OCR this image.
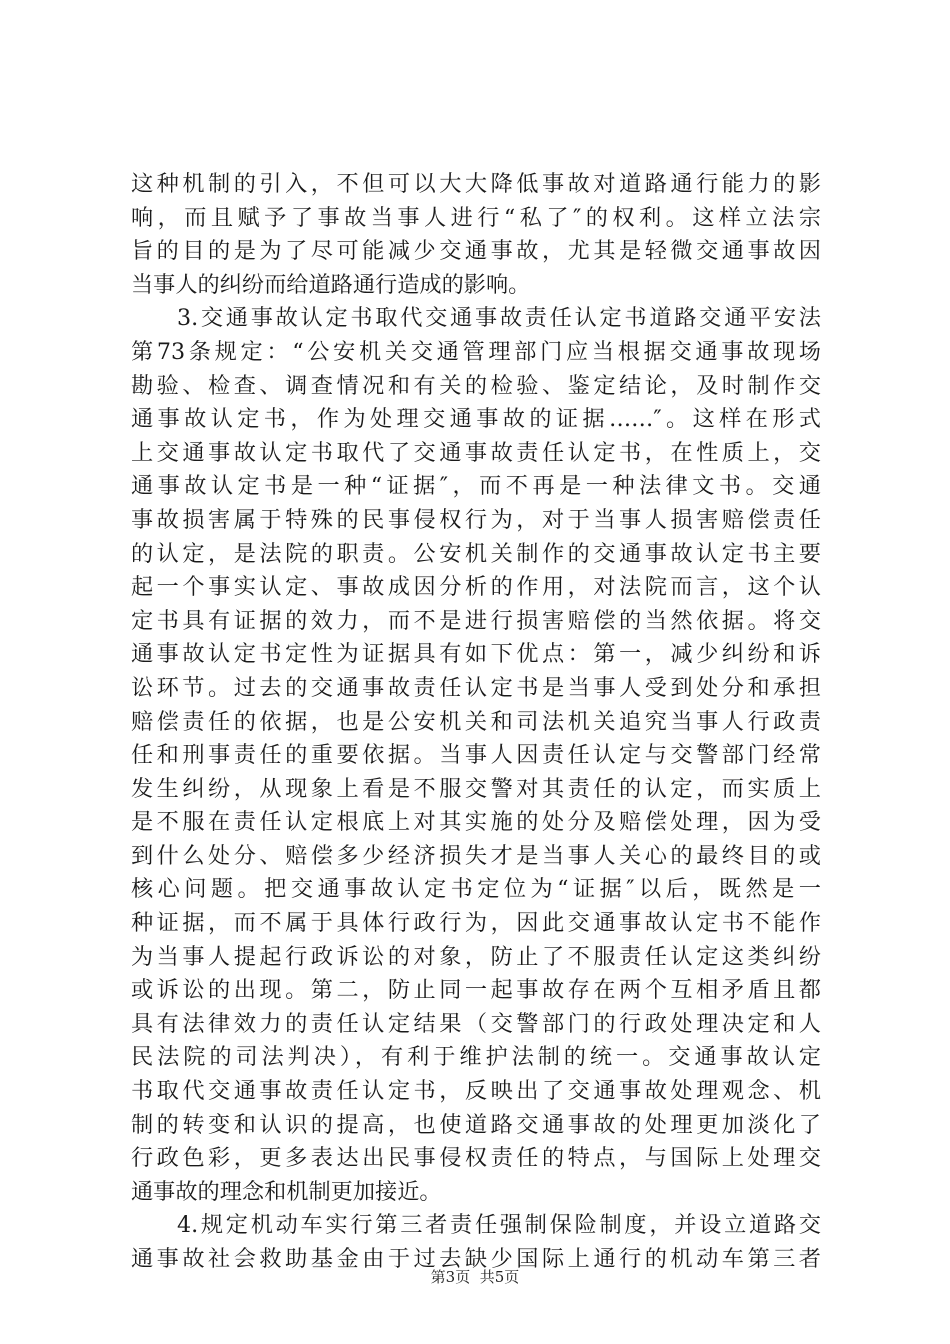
这种机制的引入，不但可以大大降低事故对道路通行能力的影
响，而且赋予了事故当事人进行“私了″的权利。这样立法宗
旨的目的是为了尽可能减少交通事故，尤其是轻微交通事故因
当事人的纠纷而给道路通行造成的影响。
3.交通事故认定书取代交通事故责任认定书道路交通平安法
第73条规定：“公安机关交通管理部门应当根据交通事故现场
勘验、检查、调查情况和有关的检验、鉴定结论，及时制作交
通事故认定书，作为处理交通事故的证据……″。这样在形式
上交通事故认定书取代了交通事故责任认定书，在性质上，交
通事故认定书是一种“证据″，而不再是一种法律文书。交通
事故损害属于特殊的民事侵权行为，对于当事人损害赔偿责任
的认定，是法院的职责。公安机关制作的交通事故认定书主要
起一个事实认定、事故成因分析的作用，对法院而言，这个认
定书具有证据的效力，而不是进行损害赔偿的当然依据。将交
通事故认定书定性为证据具有如下优点：第一，减少纠纷和诉
讼环节。过去的交通事故责任认定书是当事人受到处分和承担
赔偿责任的依据，也是公安机关和司法机关追究当事人行政责
任和刑事责任的重要依据。当事人因责任认定与交警部门经常
发生纠纷，从现象上看是不服交警对其责任的认定，而实质上
是不服在责任认定根底上对其实施的处分及赔偿处理，因为受
到什么处分、赔偿多少经济损失才是当事人关心的最终目的或
核心问题。把交通事故认定书定位为“证据″以后，既然是一
种证据，而不属于具体行政行为，因此交通事故认定书不能作
为当事人提起行政诉讼的对象，防止了不服责任认定这类纠纷
或诉讼的出现。第二，防止同一起事故存在两个互相矛盾且都
具有法律效力的责任认定结果（交警部门的行政处理决定和人
民法院的司法判决），有利于维护法制的统一。交通事故认定
书取代交通事故责任认定书，反映出了交通事故处理观念、机
制的转变和认识的提高，也使道路交通事故的处理更加淡化了
行政色彩，更多表达出民事侵权责任的特点，与国际上处理交
通事故的理念和机制更加接近。
4.规定机动车实行第三者责任强制保险制度，并设立道路交
通事故社会救助基金由于过去缺少国际上通行的机动车第三者
第3页 共5页
